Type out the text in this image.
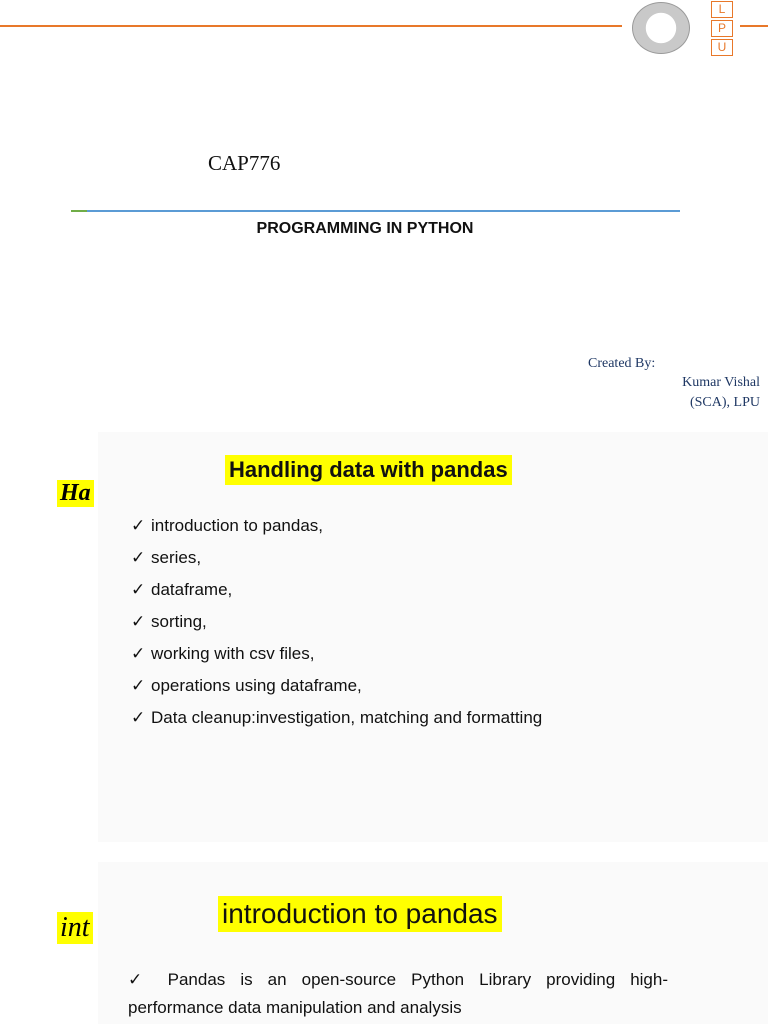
L
P
U
CAP776
PROGRAMMING IN PYTHON
Created By:
Kumar Vishal
(SCA), LPU
Ha
Handling data with pandas
✓ introduction to pandas,
✓ series,
✓ dataframe,
✓ sorting,
✓ working with csv files,
✓ operations using dataframe,
✓ Data cleanup:investigation, matching and formatting
int	introduction to pandas
✓ Pandas is an open-source Python Library providing high-performance data manipulation and analysis
